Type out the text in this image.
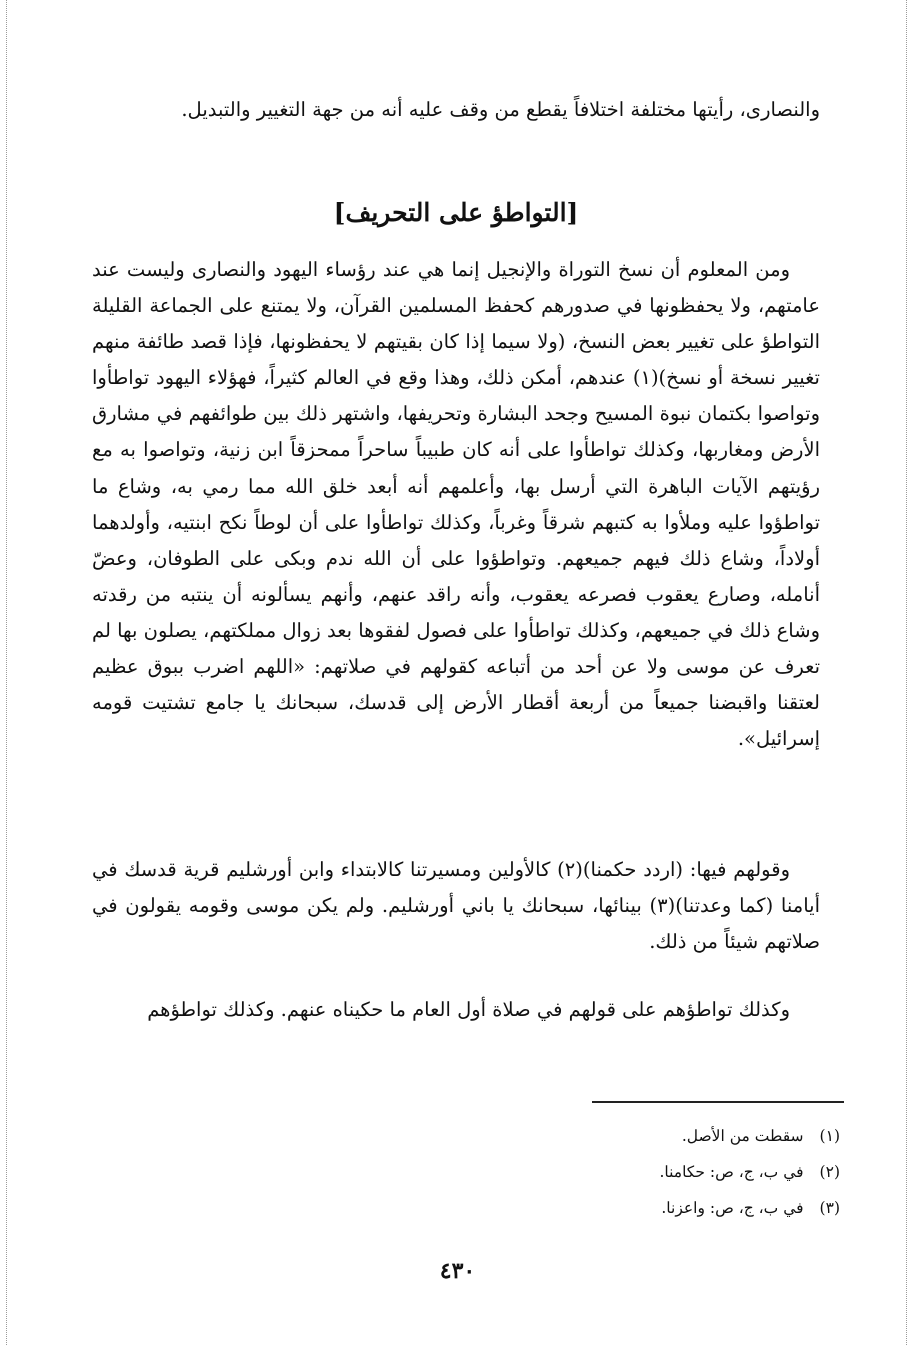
والنصارى، رأيتها مختلفة اختلافاً يقطع من وقف عليه أنه من جهة التغيير والتبديل.
[التواطؤ على التحريف]
ومن المعلوم أن نسخ التوراة والإنجيل إنما هي عند رؤساء اليهود والنصارى وليست عند عامتهم، ولا يحفظونها في صدورهم كحفظ المسلمين القرآن، ولا يمتنع على الجماعة القليلة التواطؤ على تغيير بعض النسخ، (ولا سيما إذا كان بقيتهم لا يحفظونها، فإذا قصد طائفة منهم تغيير نسخة أو نسخ)(١) عندهم، أمكن ذلك، وهذا وقع في العالم كثيراً، فهؤلاء اليهود تواطأوا وتواصوا بكتمان نبوة المسيح وجحد البشارة وتحريفها، واشتهر ذلك بين طوائفهم في مشارق الأرض ومغاربها، وكذلك تواطأوا على أنه كان طبيباً ساحراً ممحزقاً ابن زنية، وتواصوا به مع رؤيتهم الآيات الباهرة التي أرسل بها، وأعلمهم أنه أبعد خلق الله مما رمي به، وشاع ما تواطؤوا عليه وملأوا به كتبهم شرقاً وغرباً، وكذلك تواطأوا على أن لوطاً نكح ابنتيه، وأولدهما أولاداً، وشاع ذلك فيهم جميعهم. وتواطؤوا على أن الله ندم وبكى على الطوفان، وعضّ أنامله، وصارع يعقوب فصرعه يعقوب، وأنه راقد عنهم، وأنهم يسألونه أن ينتبه من رقدته وشاع ذلك في جميعهم، وكذلك تواطأوا على فصول لفقوها بعد زوال مملكتهم، يصلون بها لم تعرف عن موسى ولا عن أحد من أتباعه كقولهم في صلاتهم: «اللهم اضرب ببوق عظيم لعتقنا واقبضنا جميعاً من أربعة أقطار الأرض إلى قدسك، سبحانك يا جامع تشتيت قومه إسرائيل».
وقولهم فيها: (اردد حكمنا)(٢) كالأولين ومسيرتنا كالابتداء وابن أورشليم قرية قدسك في أيامنا (كما وعدتنا)(٣) بينائها، سبحانك يا باني أورشليم. ولم يكن موسى وقومه يقولون في صلاتهم شيئاً من ذلك.
وكذلك تواطؤهم على قولهم في صلاة أول العام ما حكيناه عنهم. وكذلك تواطؤهم
(١)سقطت من الأصل.
(٢)في ب، ج، ص: حكامنا.
(٣)في ب، ج، ص: واعزنا.
٤٣٠
